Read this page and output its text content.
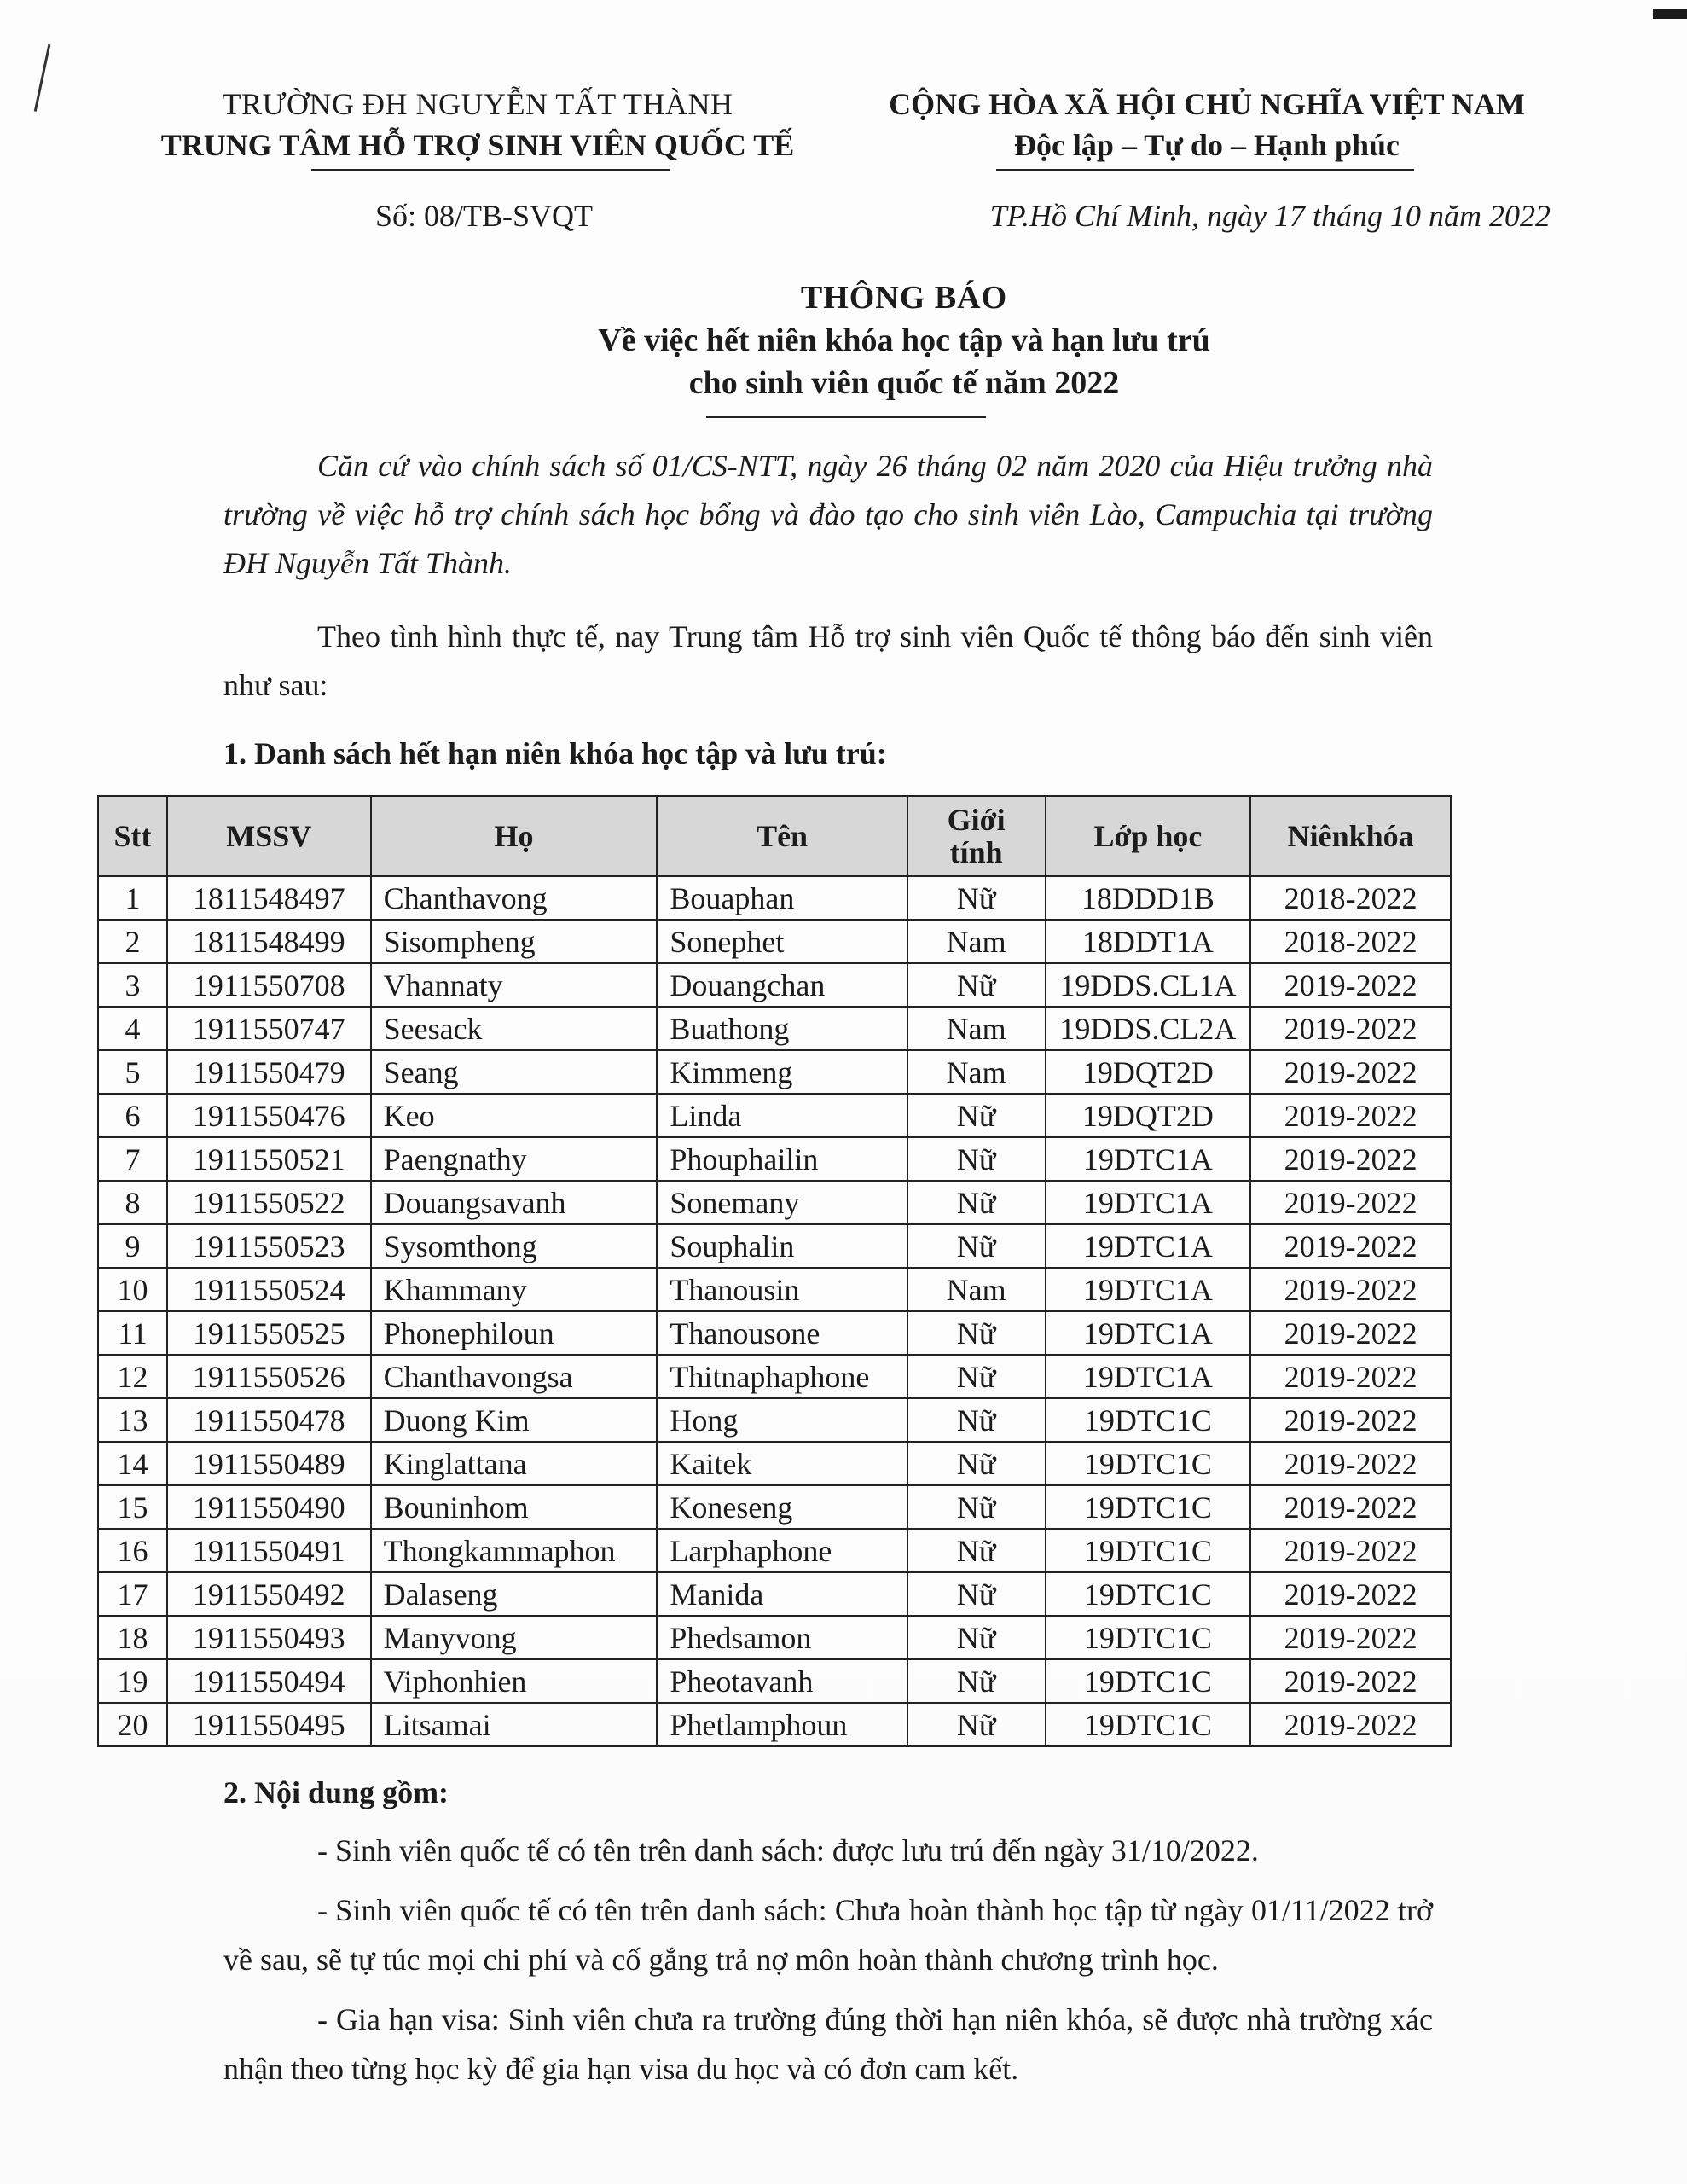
TRƯỜNG ĐH NGUYỄN TẤT THÀNH
TRUNG TÂM HỖ TRỢ SINH VIÊN QUỐC TẾ
CỘNG HÒA XÃ HỘI CHỦ NGHĨA VIỆT NAM
Độc lập – Tự do – Hạnh phúc
Số: 08/TB-SVQT	TP.Hồ Chí Minh, ngày 17 tháng 10 năm 2022
THÔNG BÁO
Về việc hết niên khóa học tập và hạn lưu trú
cho sinh viên quốc tế năm 2022
Căn cứ vào chính sách số 01/CS-NTT, ngày 26 tháng 02 năm 2020 của Hiệu trưởng nhà trường về việc hỗ trợ chính sách học bổng và đào tạo cho sinh viên Lào, Campuchia tại trường ĐH Nguyễn Tất Thành.
Theo tình hình thực tế, nay Trung tâm Hỗ trợ sinh viên Quốc tế thông báo đến sinh viên như sau:
1. Danh sách hết hạn niên khóa học tập và lưu trú:
Stt	MSSV	Họ	Tên	Giới
tính	Lớp học	Niênkhóa
1	1811548497	Chanthavong	Bouaphan	Nữ	18DDD1B	2018-2022
2	1811548499	Sisompheng	Sonephet	Nam	18DDT1A	2018-2022
3	1911550708	Vhannaty	Douangchan	Nữ	19DDS.CL1A	2019-2022
4	1911550747	Seesack	Buathong	Nam	19DDS.CL2A	2019-2022
5	1911550479	Seang	Kimmeng	Nam	19DQT2D	2019-2022
6	1911550476	Keo	Linda	Nữ	19DQT2D	2019-2022
7	1911550521	Paengnathy	Phouphailin	Nữ	19DTC1A	2019-2022
8	1911550522	Douangsavanh	Sonemany	Nữ	19DTC1A	2019-2022
9	1911550523	Sysomthong	Souphalin	Nữ	19DTC1A	2019-2022
10	1911550524	Khammany	Thanousin	Nam	19DTC1A	2019-2022
11	1911550525	Phonephiloun	Thanousone	Nữ	19DTC1A	2019-2022
12	1911550526	Chanthavongsa	Thitnaphaphone	Nữ	19DTC1A	2019-2022
13	1911550478	Duong Kim	Hong	Nữ	19DTC1C	2019-2022
14	1911550489	Kinglattana	Kaitek	Nữ	19DTC1C	2019-2022
15	1911550490	Bouninhom	Koneseng	Nữ	19DTC1C	2019-2022
16	1911550491	Thongkammaphon	Larphaphone	Nữ	19DTC1C	2019-2022
17	1911550492	Dalaseng	Manida	Nữ	19DTC1C	2019-2022
18	1911550493	Manyvong	Phedsamon	Nữ	19DTC1C	2019-2022
19	1911550494	Viphonhien	Pheotavanh	Nữ	19DTC1C	2019-2022
20	1911550495	Litsamai	Phetlamphoun	Nữ	19DTC1C	2019-2022
2. Nội dung gồm:

- Sinh viên quốc tế có tên trên danh sách: được lưu trú đến ngày 31/10/2022.

- Sinh viên quốc tế có tên trên danh sách: Chưa hoàn thành học tập từ ngày 01/11/2022 trở về sau, sẽ tự túc mọi chi phí và cố gắng trả nợ môn hoàn thành chương trình học.

- Gia hạn visa: Sinh viên chưa ra trường đúng thời hạn niên khóa, sẽ được nhà trường xác nhận theo từng học kỳ để gia hạn visa du học và có đơn cam kết.
